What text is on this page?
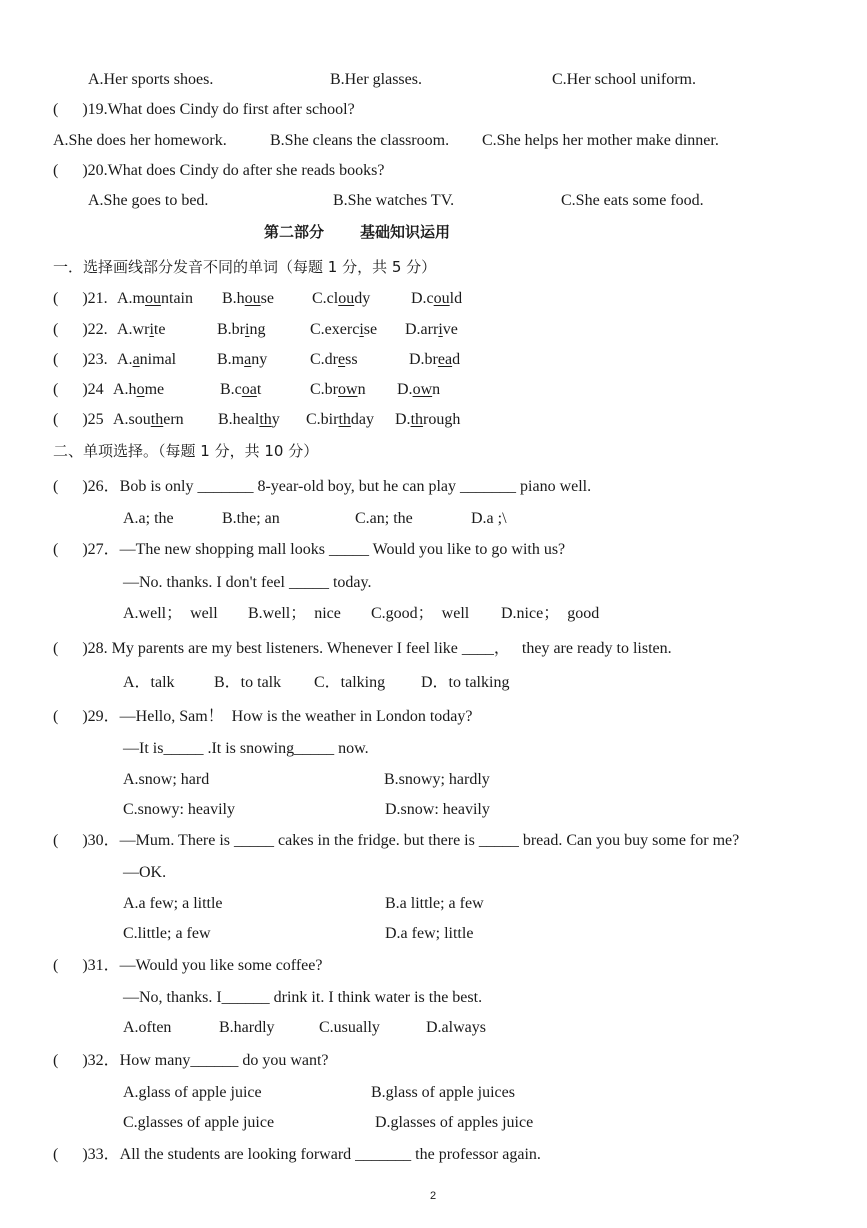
A.Her sports shoes.	B.Her glasses.	C.Her school uniform.
(      )19.What does Cindy do first after school?
A.She does her homework.	B.She cleans the classroom. C.She helps her mother make dinner.
(      )20.What does Cindy do after she reads books?
A.She goes to bed.	B.She watches TV.	C.She eats some food.
第二部分 基础知识运用
一．选择画线部分发音不同的单词（每题 1 分，共 5 分）
(      )21. A.mountain B.house C.cloudy	D.could
(      )22. A.write	B.bring	C.exercise D.arrive
(      )23. A.animal	B.many	C.dress	D.bread
(      )24 A.home	B.coat	C.brown D.own
(      )25 A.southern B.healthy C.birthday D.through
二、单项选择。（每题 1 分，共 10 分）
(      )26．Bob is only _______ 8-year-old boy, but he can play _______ piano well.
A.a; the	B.the; an	C.an; the	D.a ;\
(      )27．—The new shopping mall looks _____ Would you like to go with us?
—No. thanks. I don't feel _____ today.
A.well；  well B.well；  nice C.good；  well D.nice；  good
(      )28. My parents are my best listeners. Whenever I feel like ____，   they are ready to listen.
A．talk B．to talk C．talking D．to talking
(      )29．—Hello, Sam！  How is the weather in London today?
—It is_____ .It is snowing_____ now.
A.snow; hard	B.snowy; hardly
C.snowy: heavily	D.snow: heavily
(      )30．—Mum. There is _____ cakes in the fridge. but there is _____ bread. Can you buy some for me?
—OK.
A.a few; a little	B.a little; a few
C.little; a few	D.a few; little
(      )31．—Would you like some coffee?
—No, thanks. I______ drink it. I think water is the best.
A.often	B.hardly	C.usually	D.always
(      )32．How many______ do you want?
A.glass of apple juice	B.glass of apple juices
C.glasses of apple juice	D.glasses of apples juice
(      )33．All the students are looking forward _______ the professor again.
2
